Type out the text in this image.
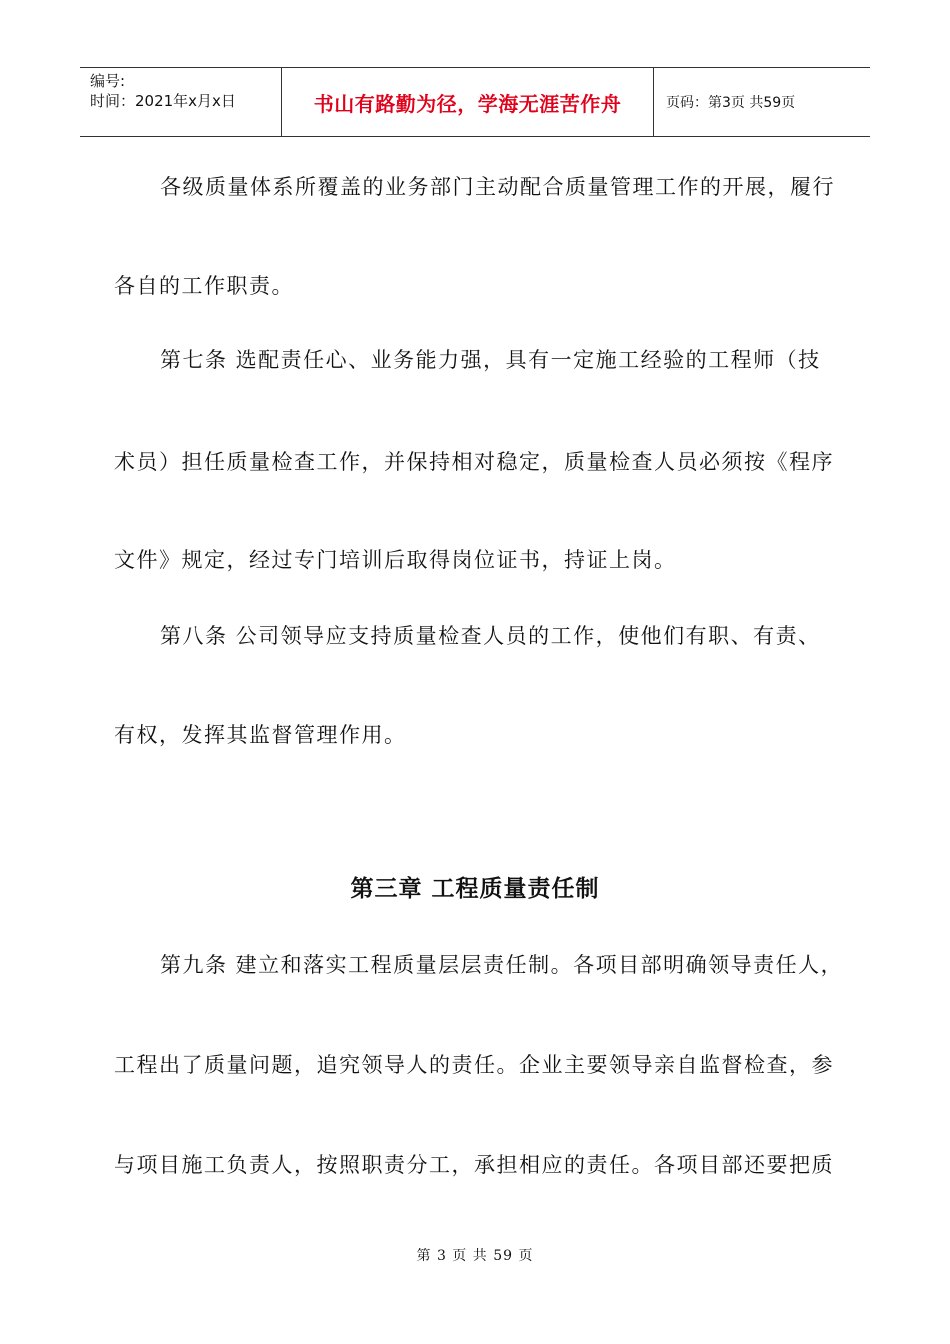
编号:
时间：2021年x月x日	书山有路勤为径，学海无涯苦作舟	页码：第3页 共59页
各级质量体系所覆盖的业务部门主动配合质量管理工作的开展，履行
各自的工作职责。
第七条 选配责任心、业务能力强，具有一定施工经验的工程师（技
术员）担任质量检查工作，并保持相对稳定，质量检查人员必须按《程序
文件》规定，经过专门培训后取得岗位证书，持证上岗。
第八条 公司领导应支持质量检查人员的工作，使他们有职、有责、
有权，发挥其监督管理作用。
第三章 工程质量责任制
第九条 建立和落实工程质量层层责任制。各项目部明确领导责任人，
工程出了质量问题，追究领导人的责任。企业主要领导亲自监督检查，参
与项目施工负责人，按照职责分工，承担相应的责任。各项目部还要把质
第 3 页 共 59 页
